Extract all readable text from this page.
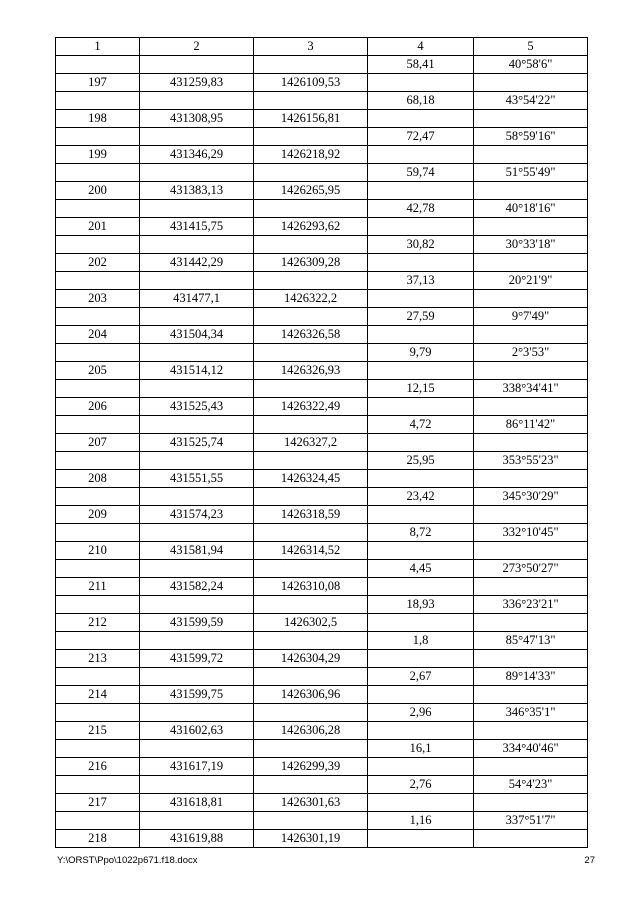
1	2	3	4	5
			58,41	40°58'6"
197	431259,83	1426109,53		
			68,18	43°54'22"
198	431308,95	1426156,81		
			72,47	58°59'16"
199	431346,29	1426218,92		
			59,74	51°55'49"
200	431383,13	1426265,95		
			42,78	40°18'16"
201	431415,75	1426293,62		
			30,82	30°33'18"
202	431442,29	1426309,28		
			37,13	20°21'9"
203	431477,1	1426322,2		
			27,59	9°7'49"
204	431504,34	1426326,58		
			9,79	2°3'53"
205	431514,12	1426326,93		
			12,15	338°34'41"
206	431525,43	1426322,49		
			4,72	86°11'42"
207	431525,74	1426327,2		
			25,95	353°55'23"
208	431551,55	1426324,45		
			23,42	345°30'29"
209	431574,23	1426318,59		
			8,72	332°10'45"
210	431581,94	1426314,52		
			4,45	273°50'27"
211	431582,24	1426310,08		
			18,93	336°23'21"
212	431599,59	1426302,5		
			1,8	85°47'13"
213	431599,72	1426304,29		
			2,67	89°14'33"
214	431599,75	1426306,96		
			2,96	346°35'1"
215	431602,63	1426306,28		
			16,1	334°40'46"
216	431617,19	1426299,39		
			2,76	54°4'23"
217	431618,81	1426301,63		
			1,16	337°51'7"
218	431619,88	1426301,19		
Y:\ORST\Ppo\1022p671.f18.docx	27
